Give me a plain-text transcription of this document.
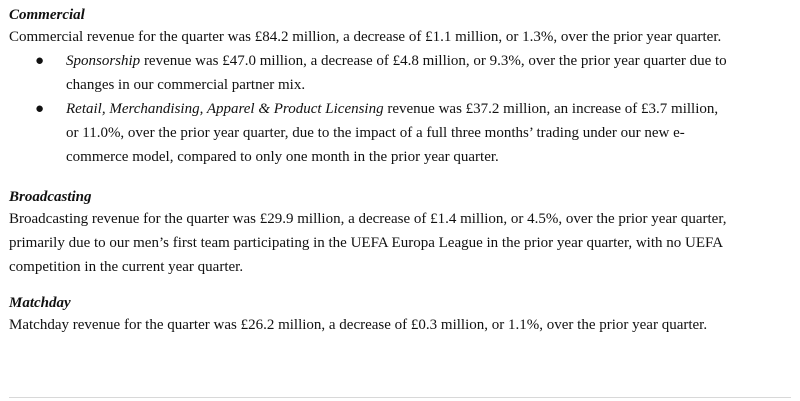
Commercial

Commercial revenue for the quarter was £84.2 million, a decrease of £1.1 million, or 1.3%, over the prior year quarter.

● Sponsorship revenue was £47.0 million, a decrease of £4.8 million, or 9.3%, over the prior year quarter due to
changes in our commercial partner mix.
● Retail, Merchandising, Apparel & Product Licensing revenue was £37.2 million, an increase of £3.7 million,
or 11.0%, over the prior year quarter, due to the impact of a full three months’ trading under our new e-
commerce model, compared to only one month in the prior year quarter.

Broadcasting

Broadcasting revenue for the quarter was £29.9 million, a decrease of £1.4 million, or 4.5%, over the prior year quarter,

primarily due to our men’s first team participating in the UEFA Europa League in the prior year quarter, with no UEFA

competition in the current year quarter.

Matchday

Matchday revenue for the quarter was £26.2 million, a decrease of £0.3 million, or 1.1%, over the prior year quarter.
